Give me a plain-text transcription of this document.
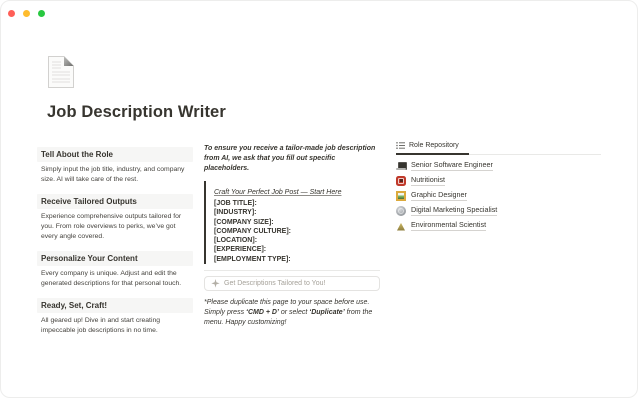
Job Description Writer
Tell About the Role
Simply input the job title, industry, and company size. AI will take care of the rest.
Receive Tailored Outputs
Experience comprehensive outputs tailored for you. From role overviews to perks, we’ve got every angle covered.
Personalize Your Content
Every company is unique. Adjust and edit the generated descriptions for that personal touch.
Ready, Set, Craft!
All geared up! Dive in and start creating impeccable job descriptions in no time.
To ensure you receive a tailor-made job description from AI, we ask that you fill out specific placeholders.
Craft Your Perfect Job Post — Start Here
[JOB TITLE]:
[INDUSTRY]:
[COMPANY SIZE]:
[COMPANY CULTURE]:
[LOCATION]:
[EXPERIENCE]:
[EMPLOYMENT TYPE]:
Get Descriptions Tailored to You!
*Please duplicate this page to your space before use. Simply press ‘CMD + D’ or select ‘Duplicate’ from the menu. Happy customizing!
Role Repository
Senior Software Engineer
Nutritionist
Graphic Designer
Digital Marketing Specialist
Environmental Scientist
